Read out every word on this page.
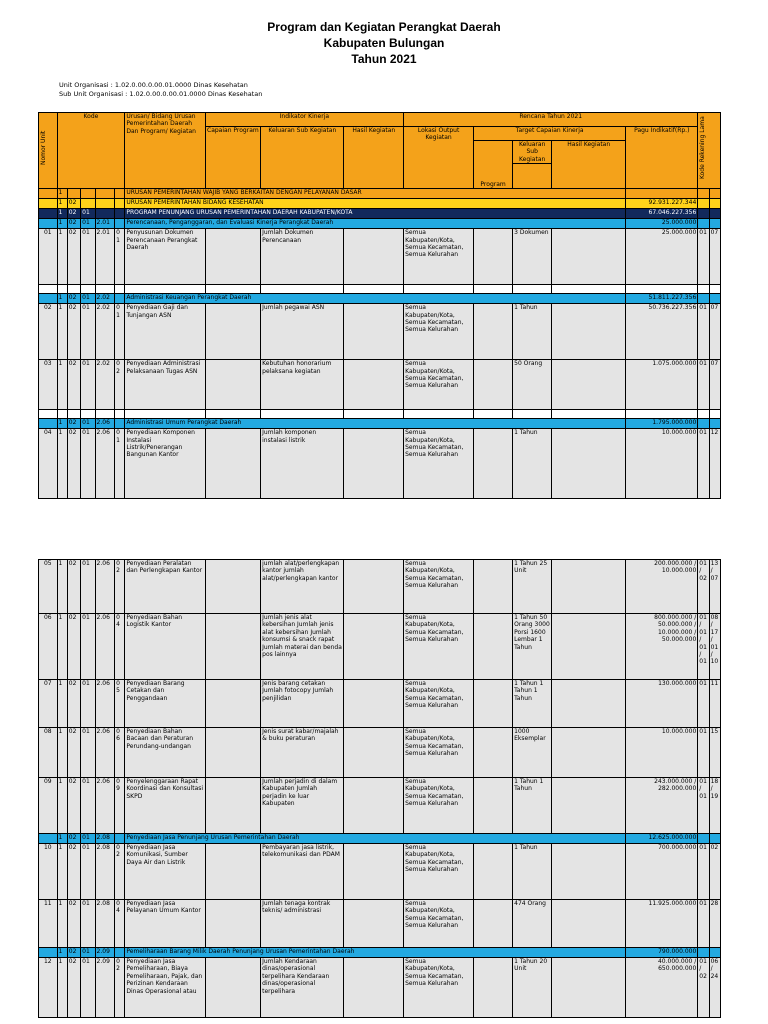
Program dan Kegiatan Perangkat Daerah
Kabupaten Bulungan
Tahun 2021
Unit Organisasi : 1.02.0.00.0.00.01.0000 Dinas Kesehatan
Sub Unit Organisasi : 1.02.0.00.0.00.01.0000 Dinas Kesehatan
Nomor Unit	Kode					Urusan/ Bidang Urusan Pemerintahan Daerah Dan Program/ Kegiatan	Indikator Kinerja			Rencana Tahun 2021					Kode Rekening Lama	

							Capaian Program	Keluaran Sub Kegiatan	Hasil Kegiatan	Lokasi Output Kegiatan	Target Capaian Kinerja			Pagu Indikatif(Rp.)		
											Program	Keluaran Sub Kegiatan	Hasil Kegiatan			

	1					URUSAN PEMERINTAHAN WAJIB YANG BERKAITAN DENGAN PELAYANAN DASAR										
	1	02				URUSAN PEMERINTAHAN BIDANG KESEHATAN								92.931.227.344		
	1	02	01			PROGRAM PENUNJANG URUSAN PEMERINTAHAN DAERAH KABUPATEN/KOTA								67.046.227.356		
	1	02	01	2.01		Perencanaan, Penganggaran, dan Evaluasi Kinerja Perangkat Daerah								25.000.000		
01	1	02	01	2.01	01	Penyusunan Dokumen Perencanaan Perangkat Daerah		Jumlah Dokumen Perencanaan		Semua Kabupaten/Kota, Semua Kecamatan, Semua Kelurahan		3 Dokumen		25.000.000	01	07

	1	02	01	2.02		Administrasi Keuangan Perangkat Daerah								51.811.227.356		
02	1	02	01	2.02	01	Penyediaan Gaji dan Tunjangan ASN		Jumlah pegawai ASN		Semua Kabupaten/Kota, Semua Kecamatan, Semua Kelurahan		1 Tahun		50.736.227.356	01	07
03	1	02	01	2.02	02	Penyediaan Administrasi Pelaksanaan Tugas ASN		Kebutuhan honorarium pelaksana kegiatan		Semua Kabupaten/Kota, Semua Kecamatan, Semua Kelurahan		50 Orang		1.075.000.000	01	07

	1	02	01	2.06		Administrasi Umum Perangkat Daerah								1.795.000.000		
04	1	02	01	2.06	01	Penyediaan Komponen Instalasi Listrik/Penerangan Bangunan Kantor		Jumlah komponen instalasi listrik		Semua Kabupaten/Kota, Semua Kecamatan, Semua Kelurahan		1 Tahun		10.000.000	01	12
05	1	02	01	2.06	02	Penyediaan Peralatan dan Perlengkapan Kantor		jumlah alat/perlengkapan kantor jumlah alat/perlengkapan kantor		Semua Kabupaten/Kota, Semua Kecamatan, Semua Kelurahan		1 Tahun 25 Unit		200.000.000 / 10.000.000	01 / 02	13 / 07
06	1	02	01	2.06	04	Penyediaan Bahan Logistik Kantor		Jumlah jenis alat kebersihan Jumlah jenis alat kebersihan Jumlah konsumsi & snack rapat Jumlah materai dan benda pos lainnya		Semua Kabupaten/Kota, Semua Kecamatan, Semua Kelurahan		1 Tahun 50 Orang 3000 Porsi 1600 Lembar 1 Tahun		800.000.000 / 50.000.000 / 10.000.000 / 50.000.000	01 / 01 / 01 / 01	08 / 17 / 01 / 10
07	1	02	01	2.06	05	Penyediaan Barang Cetakan dan Penggandaan		Jenis barang cetakan Jumlah fotocopy Jumlah penjilidan		Semua Kabupaten/Kota, Semua Kecamatan, Semua Kelurahan		1 Tahun 1 Tahun 1 Tahun		130.000.000	01	11
08	1	02	01	2.06	06	Penyediaan Bahan Bacaan dan Peraturan Perundang-undangan		Jenis surat kabar/majalah & buku peraturan		Semua Kabupaten/Kota, Semua Kecamatan, Semua Kelurahan		1000 Eksemplar		10.000.000	01	15
09	1	02	01	2.06	09	Penyelenggaraan Rapat Koordinasi dan Konsultasi SKPD		Jumlah perjadin di dalam Kabupaten Jumlah perjadin ke luar Kabupaten		Semua Kabupaten/Kota, Semua Kecamatan, Semua Kelurahan		1 Tahun 1 Tahun		243.000.000 / 282.000.000	01 / 01	18 / 19
	1	02	01	2.08		Penyediaan Jasa Penunjang Urusan Pemerintahan Daerah								12.625.000.000		
10	1	02	01	2.08	02	Penyediaan Jasa Komunikasi, Sumber Daya Air dan Listrik		Pembayaran jasa listrik, telekomunikasi dan PDAM		Semua Kabupaten/Kota, Semua Kecamatan, Semua Kelurahan		1 Tahun		700.000.000	01	02
11	1	02	01	2.08	04	Penyediaan Jasa Pelayanan Umum Kantor		Jumlah tenaga kontrak teknis/ administrasi		Semua Kabupaten/Kota, Semua Kecamatan, Semua Kelurahan		474 Orang		11.925.000.000	01	28
	1	02	01	2.09		Pemeliharaan Barang Milik Daerah Penunjang Urusan Pemerintahan Daerah								790.000.000		
12	1	02	01	2.09	02	Penyediaan Jasa Pemeliharaan, Biaya Pemeliharaan, Pajak, dan Perizinan Kendaraan Dinas Operasional atau		Jumlah Kendaraan dinas/operasional terpelihara Kendaraan dinas/operasional terpelihara		Semua Kabupaten/Kota, Semua Kecamatan, Semua Kelurahan		1 Tahun 20 Unit		40.000.000 / 650.000.000	01 / 02	06 / 24
